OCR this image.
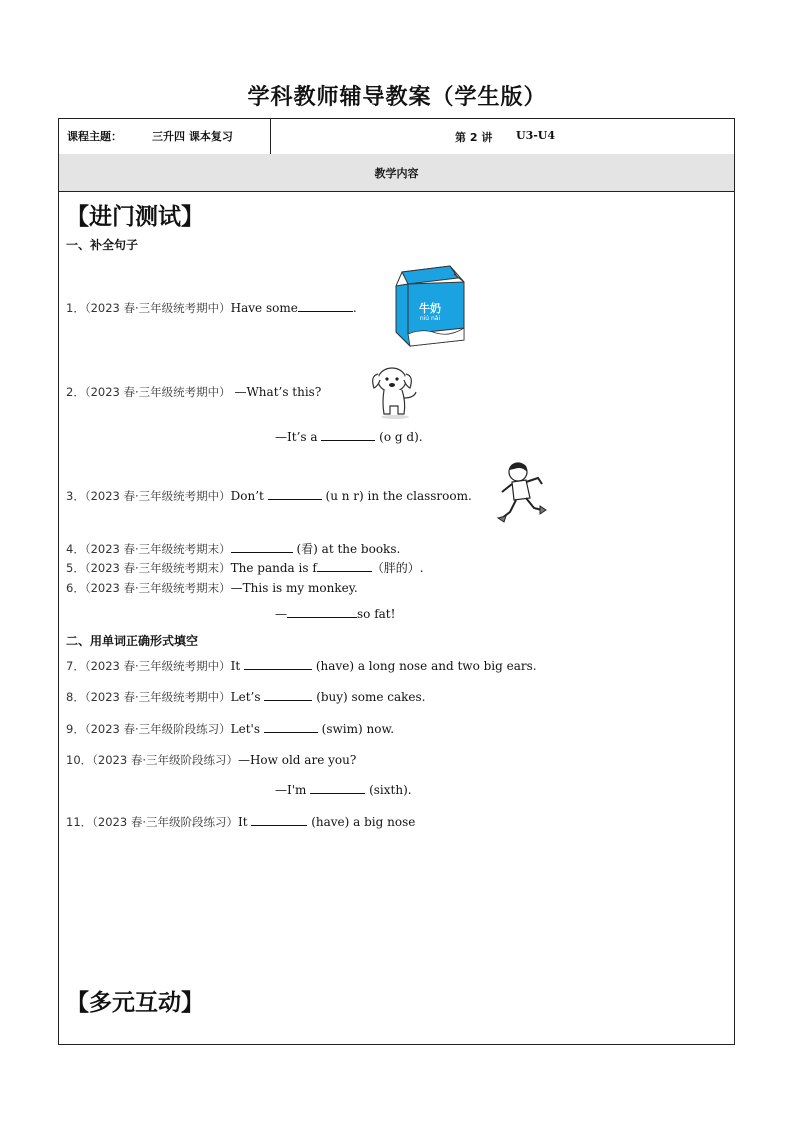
学科教师辅导教案（学生版）
课程主题：	三升四 课本复习	第 2 讲 U3-U4
教学内容
【进门测试】
一、补全句子
1．（2023 春·三年级统考期中）Have some	.	牛奶
niú nǎi
2．（2023 春·三年级统考期中） —What’s this?
—It’s a	(o g d).
3．（2023 春·三年级统考期中）Don’t	(u n r) in the classroom.
4．（2023 春·三年级统考期末）	(看) at the books.
5．（2023 春·三年级统考期末）The panda is f	（胖的）.
6．（2023 春·三年级统考期末）—This is my monkey.
—	so fat!
二、用单词正确形式填空
7．（2023 春·三年级统考期中）It	(have) a long nose and two big ears.
8．（2023 春·三年级统考期中）Let’s	(buy) some cakes.
9．（2023 春·三年级阶段练习）Let's	(swim) now.
10．（2023 春·三年级阶段练习）—How old are you?
—I'm	(sixth).
11．（2023 春·三年级阶段练习）It	(have) a big nose
【多元互动】
